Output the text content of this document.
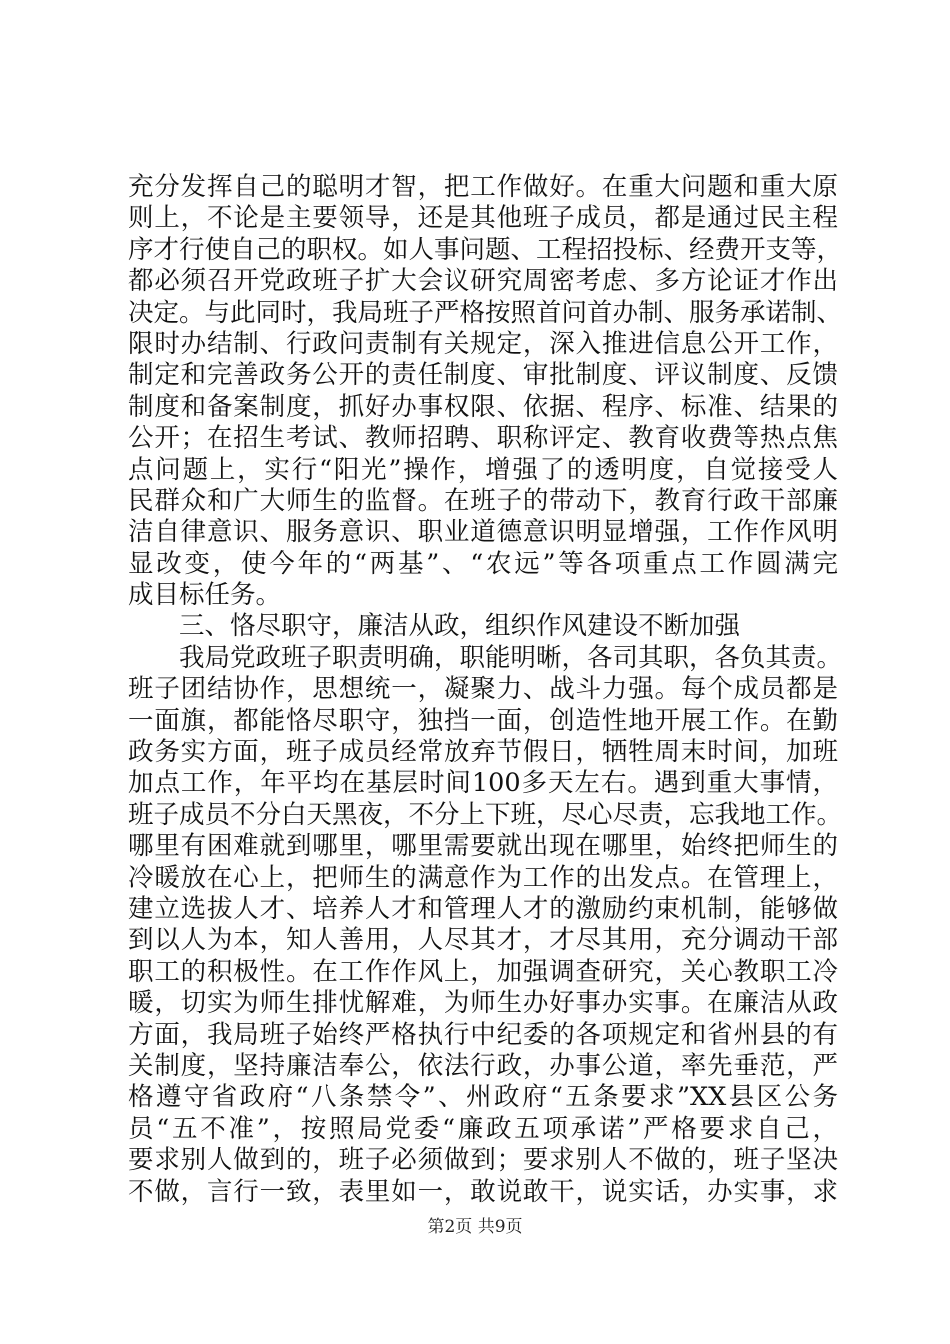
充分发挥自己的聪明才智，把工作做好。在重大问题和重大原
则上，不论是主要领导，还是其他班子成员，都是通过民主程
序才行使自己的职权。如人事问题、工程招投标、经费开支等，
都必须召开党政班子扩大会议研究周密考虑、多方论证才作出
决定。与此同时，我局班子严格按照首问首办制、服务承诺制、
限时办结制、行政问责制有关规定，深入推进信息公开工作，
制定和完善政务公开的责任制度、审批制度、评议制度、反馈
制度和备案制度，抓好办事权限、依据、程序、标准、结果的
公开；在招生考试、教师招聘、职称评定、教育收费等热点焦
点问题上，实行“阳光”操作，增强了的透明度，自觉接受人
民群众和广大师生的监督。在班子的带动下，教育行政干部廉
洁自律意识、服务意识、职业道德意识明显增强，工作作风明
显改变，使今年的“两基”、“农远”等各项重点工作圆满完
成目标任务。
三、恪尽职守，廉洁从政，组织作风建设不断加强
我局党政班子职责明确，职能明晰，各司其职，各负其责。
班子团结协作，思想统一，凝聚力、战斗力强。每个成员都是
一面旗，都能恪尽职守，独挡一面，创造性地开展工作。在勤
政务实方面，班子成员经常放弃节假日，牺牲周末时间，加班
加点工作，年平均在基层时间100多天左右。遇到重大事情，
班子成员不分白天黑夜，不分上下班，尽心尽责，忘我地工作。
哪里有困难就到哪里，哪里需要就出现在哪里，始终把师生的
冷暖放在心上，把师生的满意作为工作的出发点。在管理上，
建立选拔人才、培养人才和管理人才的激励约束机制，能够做
到以人为本，知人善用，人尽其才，才尽其用，充分调动干部
职工的积极性。在工作作风上，加强调查研究，关心教职工冷
暖，切实为师生排忧解难，为师生办好事办实事。在廉洁从政
方面，我局班子始终严格执行中纪委的各项规定和省州县的有
关制度，坚持廉洁奉公，依法行政，办事公道，率先垂范，严
格遵守省政府“八条禁令”、州政府“五条要求”XX县区公务
员“五不准”，按照局党委“廉政五项承诺”严格要求自己，
要求别人做到的，班子必须做到；要求别人不做的，班子坚决
不做，言行一致，表里如一，敢说敢干，说实话，办实事，求
第2页 共9页
